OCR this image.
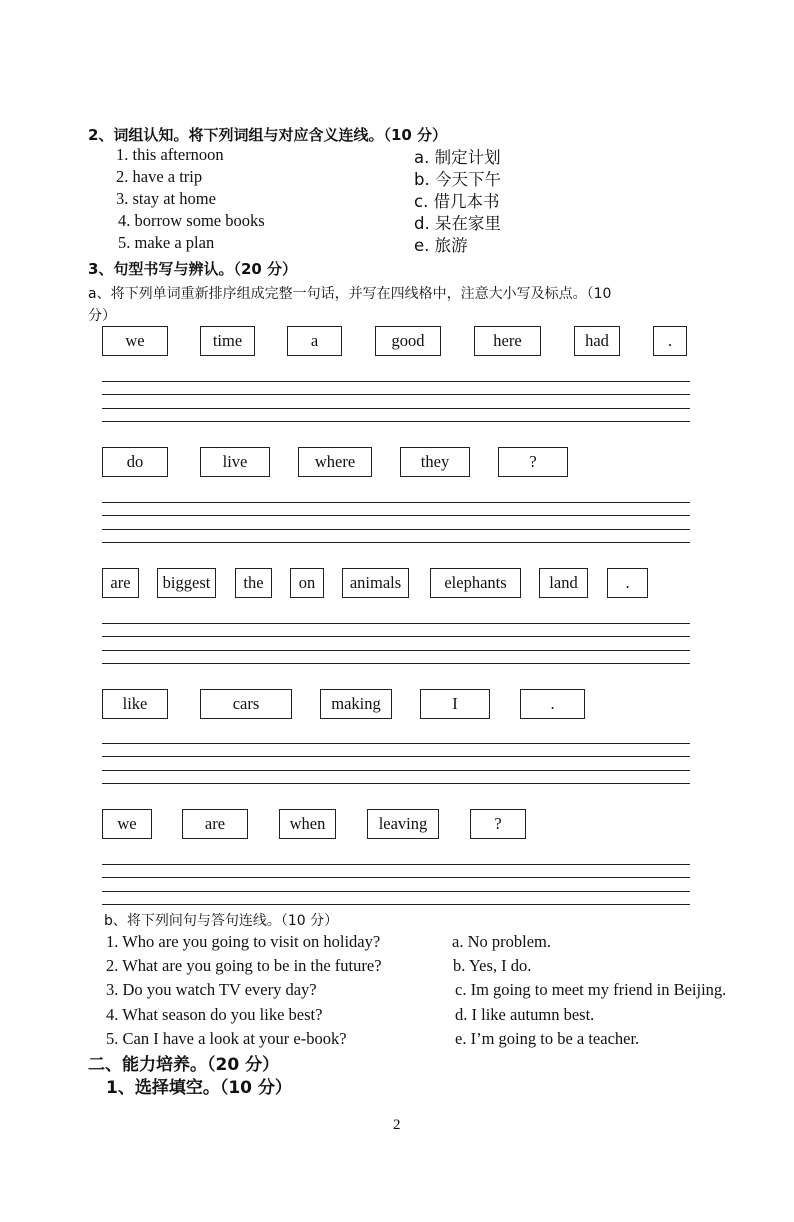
2、词组认知。将下列词组与对应含义连线。（10 分）
1. this afternoon
2. have a trip
3. stay at home
4. borrow some books
5. make a plan
a. 制定计划
b. 今天下午
c. 借几本书
d. 呆在家里
e. 旅游
3、句型书写与辨认。（20 分）
a、将下列单词重新排序组成完整一句话，并写在四线格中，注意大小写及标点。（10
分）
we	time	a	good	here	had	.
do	live	where	they	?
are	biggest	the	on	animals	elephants	land	.
like	cars	making	I	.
we	are	when	leaving	?
b、将下列问句与答句连线。（10 分）
1. Who are you going to visit on holiday?
2. What are you going to be in the future?
3. Do you watch TV every day?
4. What season do you like best?
5. Can I have a look at your e-book?
a. No problem.
b. Yes, I do.
c. Im going to meet my friend in Beijing.
d. I like autumn best.
e. I’m going to be a teacher.
二、能力培养。（20 分）
1、选择填空。（10 分）
2
